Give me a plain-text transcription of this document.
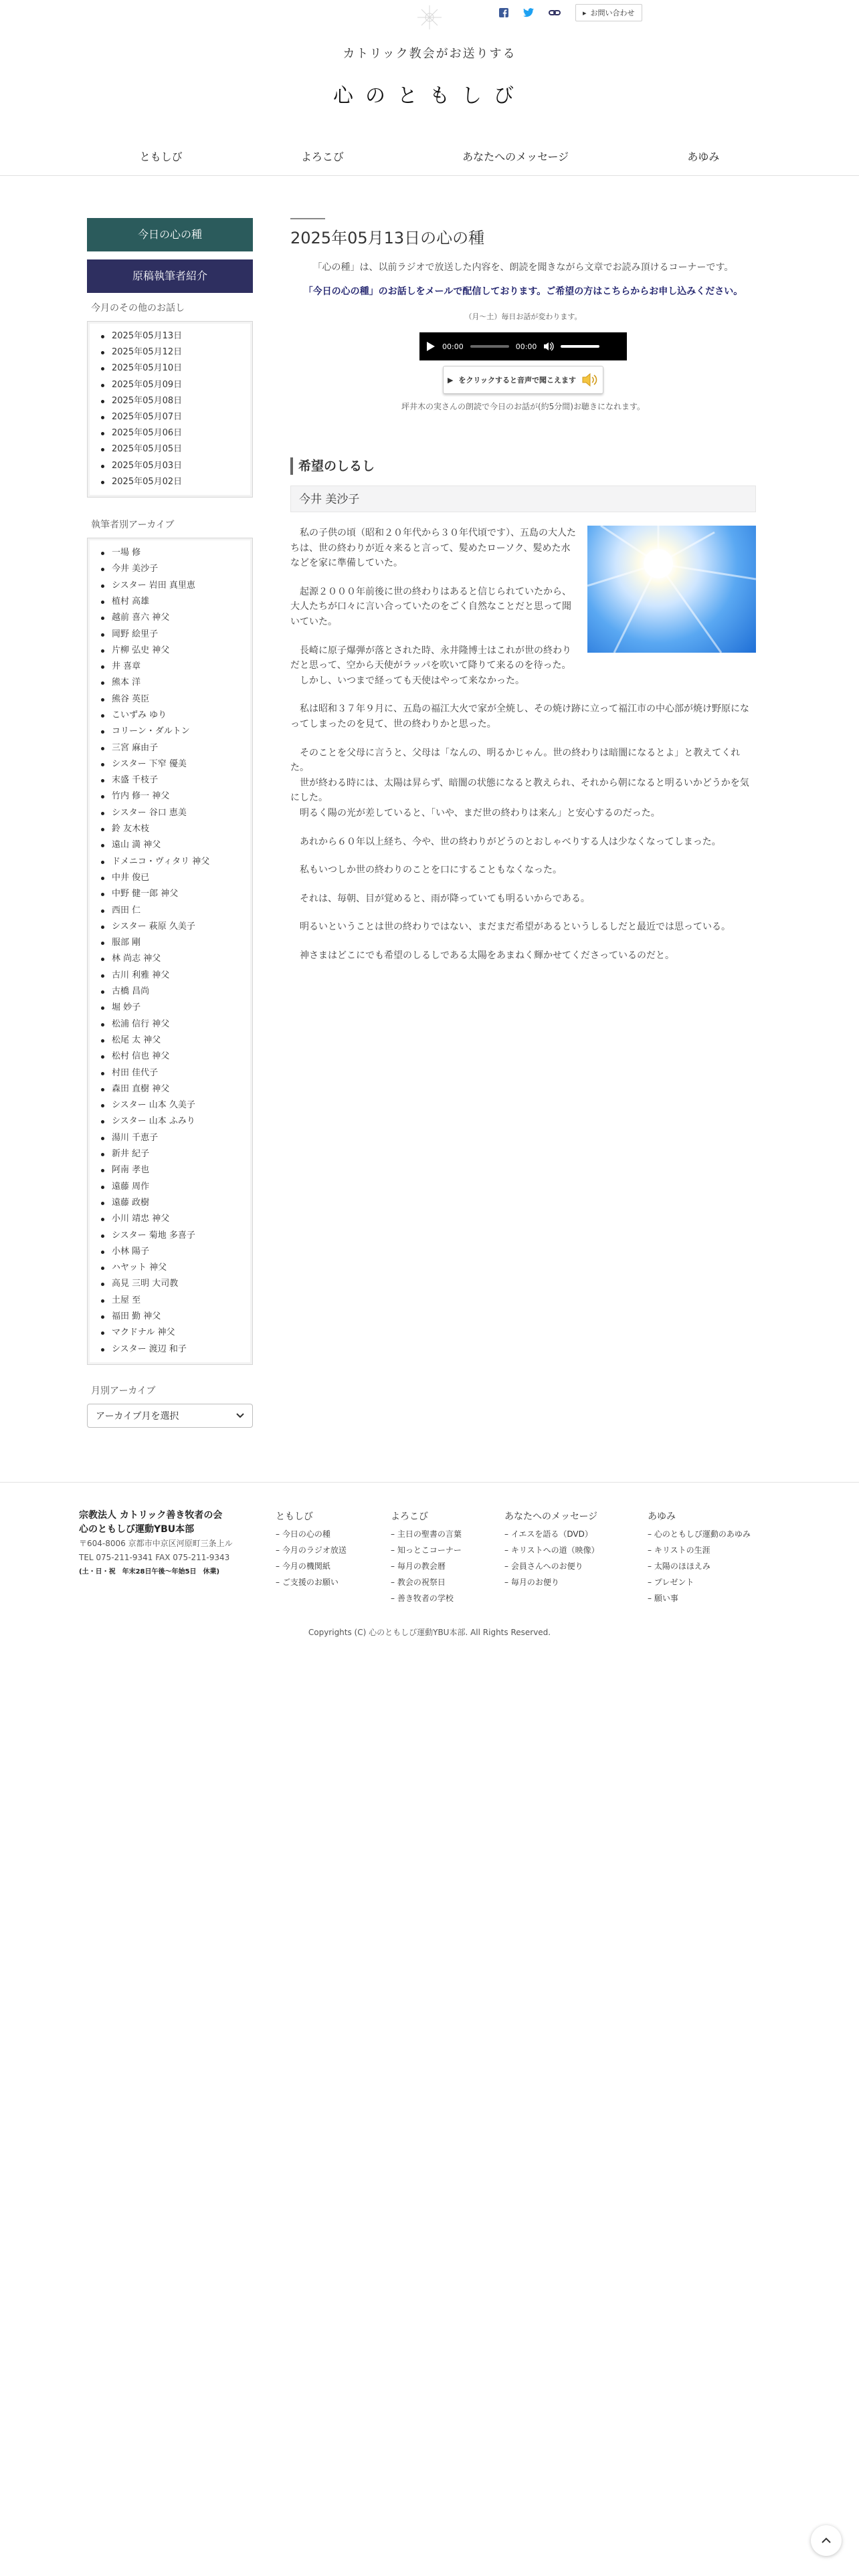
▸ お問い合わせ
カトリック教会がお送りする
心のともしび
ともしび	よろこび	あなたへのメッセージ	あゆみ
今日の心の種
原稿執筆者紹介
今月のその他のお話し
2025年05月13日
2025年05月12日
2025年05月10日
2025年05月09日
2025年05月08日
2025年05月07日
2025年05月06日
2025年05月05日
2025年05月03日
2025年05月02日
執筆者別アーカイブ
一場 修
今井 美沙子
シスター 岩田 真里恵
植村 高雄
越前 喜六 神父
岡野 絵里子
片柳 弘史 神父
井 喜章
熊本 洋
熊谷 英臣
こいずみ ゆり
コリーン・ダルトン
三宮 麻由子
シスター 下窄 優美
末盛 千枝子
竹内 修一 神父
シスター 谷口 恵美
鈴 友木枝
遠山 満 神父
ドメニコ・ヴィタリ 神父
中井 俊已
中野 健一郎 神父
西田 仁
シスター 萩原 久美子
服部 剛
林 尚志 神父
古川 利雅 神父
古橋 昌尚
堀 妙子
松浦 信行 神父
松尾 太 神父
松村 信也 神父
村田 佳代子
森田 直樹 神父
シスター 山本 久美子
シスター 山本 ふみり
湯川 千恵子
新井 紀子
阿南 孝也
遠藤 周作
遠藤 政樹
小川 靖忠 神父
シスター 菊地 多喜子
小林 陽子
ハヤット 神父
高見 三明 大司教
土屋 至
福田 勤 神父
マクドナル 神父
シスター 渡辺 和子
月別アーカイブ
アーカイブ月を選択
2025年05月13日の心の種

「心の種」は、以前ラジオで放送した内容を、朗読を聞きながら文章でお読み頂けるコーナーです。

「今日の心の種」のお話しをメールで配信しております。ご希望の方はこちらからお申し込みください。

（月〜土）毎日お話が変わります。

00:00	00:00
▶ をクリックすると音声で聞こえます

坪井木の実さんの朗読で今日のお話が(約5分間)お聴きになれます。

希望のしるし
今井 美沙子

　私の子供の頃（昭和２０年代から３０年代頃です）、五島の大人たちは、世の終わりが近々来ると言って、髪めたローソク、髪めた水などを家に準備していた。

　起源２０００年前後に世の終わりはあると信じられていたから、大人たちが口々に言い合っていたのをごく自然なことだと思って聞いていた。

　長崎に原子爆弾が落とされた時、永井隆博士はこれが世の終わりだと思って、空から天使がラッパを吹いて降りて来るのを待った。
　しかし、いつまで経っても天使はやって来なかった。

　私は昭和３７年９月に、五島の福江大火で家が全焼し、その焼け跡に立って福江市の中心部が焼け野原になってしまったのを見て、世の終わりかと思った。

　そのことを父母に言うと、父母は「なんの、明るかじゃん。世の終わりは暗闇になるとよ」と教えてくれた。
　世が終わる時には、太陽は昇らず、暗闇の状態になると教えられ、それから朝になると明るいかどうかを気にした。
　明るく陽の光が差していると、「いや、まだ世の終わりは来ん」と安心するのだった。

　あれから６０年以上経ち、今や、世の終わりがどうのとおしゃべりする人は少なくなってしまった。

　私もいつしか世の終わりのことを口にすることもなくなった。

　それは、毎朝、目が覚めると、雨が降っていても明るいからである。

　明るいということは世の終わりではない、まだまだ希望があるというしるしだと最近では思っている。

　神さまはどこにでも希望のしるしである太陽をあまねく輝かせてくださっているのだと。

宗教法人 カトリック善き牧者の会
心のともしび運動YBU本部
〒604-8006 京都市中京区河原町三条上ル
TEL 075-211-9341 FAX 075-211-9343
(土・日・祝　年末28日午後〜年始5日　休業)
ともしび
– 今日の心の種
– 今月のラジオ放送
– 今月の機関紙
– ご支援のお願い
よろこび
– 主日の聖書の言葉
– 知っとこコーナー
– 毎月の教会暦
– 教会の祝祭日
– 善き牧者の学校
あなたへのメッセージ
– イエスを語る（DVD）
– キリストへの道（映像）
– 会員さんへのお便り
– 毎月のお便り
あゆみ
– 心のともしび運動のあゆみ
– キリストの生涯
– 太陽のほほえみ
– プレゼント
– 願い事
Copyrights (C) 心のともしび運動YBU本部. All Rights Reserved.
